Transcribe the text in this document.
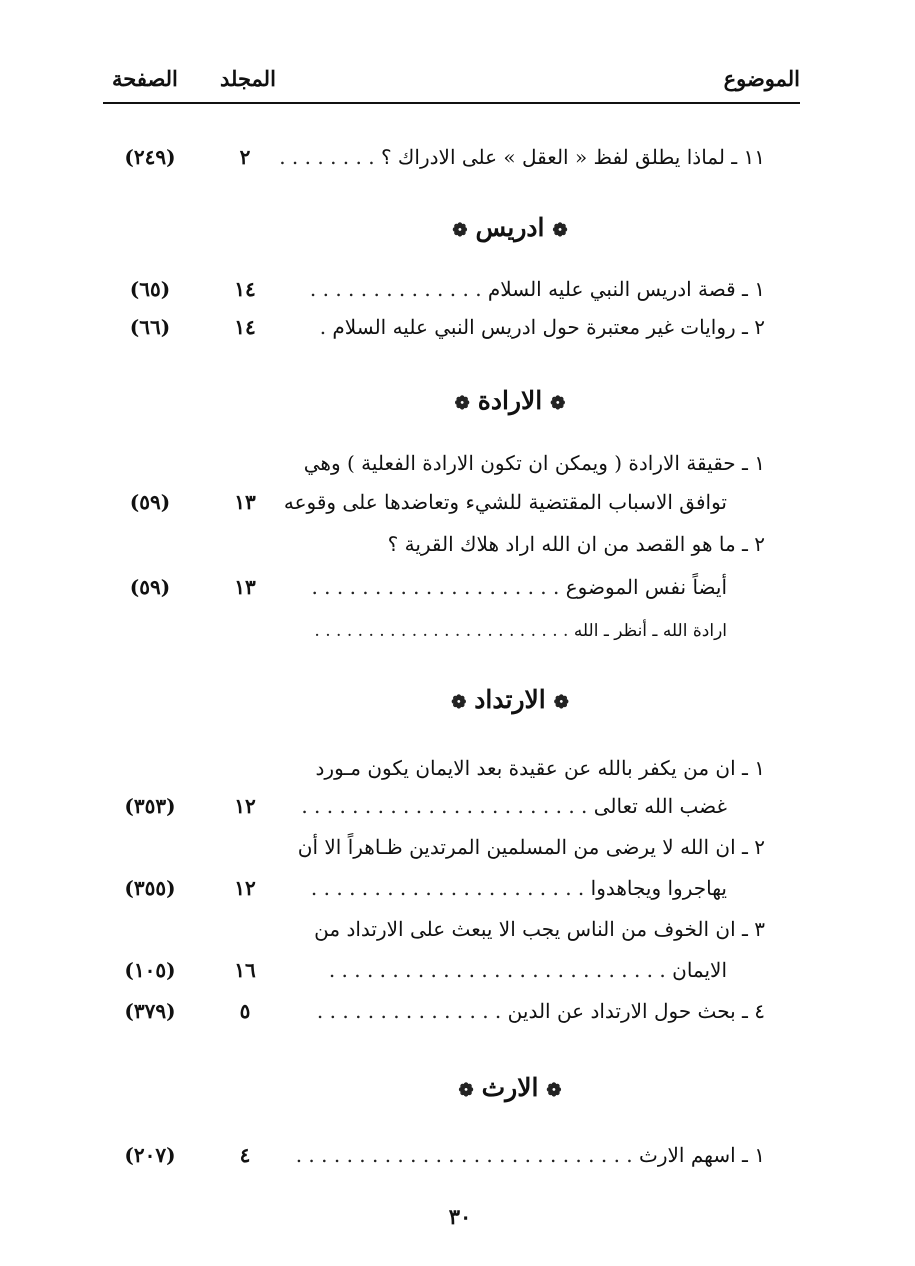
الموضوع
المجلد
الصفحة
١١ ـ لماذا يطلق لفظ « العقل » على الادراك ؟ . . . . . . . .
٢
(٢٤٩)
❁ادريس❁
١ ـ قصة ادريس النبي عليه السلام . . . . . . . . . . . . . .
١٤
(٦٥)
٢ ـ روايات غير معتبرة حول ادريس النبي عليه السلام .
١٤
(٦٦)
❁الارادة❁
١ ـ حقيقة الارادة ( ويمكن ان تكون الارادة الفعلية ) وهي
توافق الاسباب المقتضية للشيء وتعاضدها على وقوعه
١٣
(٥٩)
٢ ـ ما هو القصد من ان الله اراد هلاك القرية ؟
أيضاً نفس الموضوع . . . . . . . . . . . . . . . . . . . .
١٣
(٥٩)
ارادة الله ـ أنظر ـ الله . . . . . . . . . . . . . . . . . . . . . . . .
❁الارتداد❁
١ ـ ان من يكفر بالله عن عقيدة بعد الايمان يكون مـورد
غضب الله تعالى . . . . . . . . . . . . . . . . . . . . . . .
١٢
(٣٥٣)
٢ ـ ان الله لا يرضى من المسلمين المرتدين ظـاهراً الا أن
يهاجروا ويجاهدوا . . . . . . . . . . . . . . . . . . . . . .
١٢
(٣٥٥)
٣ ـ ان الخوف من الناس يجب الا يبعث على الارتداد من
الايمان . . . . . . . . . . . . . . . . . . . . . . . . . . .
١٦
(١٠٥)
٤ ـ بحث حول الارتداد عن الدين . . . . . . . . . . . . . . .
٥
(٣٧٩)
❁الارث❁
١ ـ اسهم الارث . . . . . . . . . . . . . . . . . . . . . . . . . . .
٤
(٢٠٧)
٣٠
